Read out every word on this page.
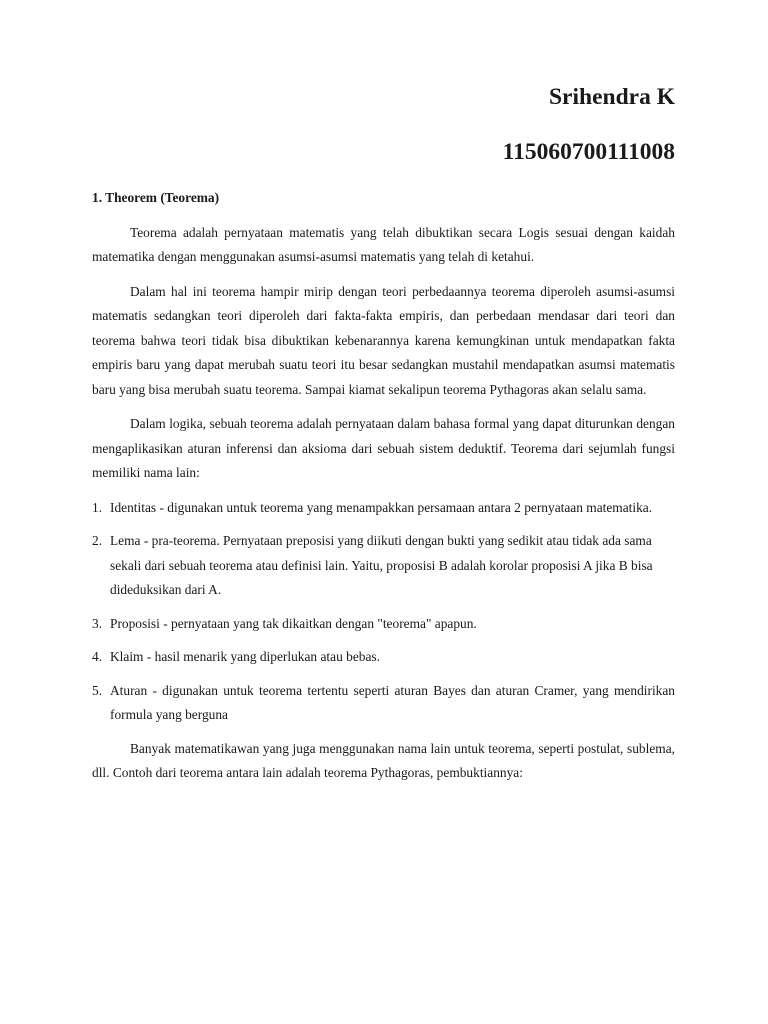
Srihendra K
115060700111008
1. Theorem (Teorema)

Teorema adalah pernyataan matematis yang telah dibuktikan secara Logis sesuai dengan kaidah matematika dengan menggunakan asumsi-asumsi matematis yang telah di ketahui.

Dalam hal ini teorema hampir mirip dengan teori perbedaannya teorema diperoleh asumsi-asumsi matematis sedangkan teori diperoleh dari fakta-fakta empiris, dan perbedaan mendasar dari teori dan teorema bahwa teori tidak bisa dibuktikan kebenarannya karena kemungkinan untuk mendapatkan fakta empiris baru yang dapat merubah suatu teori itu besar sedangkan mustahil mendapatkan asumsi matematis baru yang bisa merubah suatu teorema. Sampai kiamat sekalipun teorema Pythagoras akan selalu sama.

Dalam logika, sebuah teorema adalah pernyataan dalam bahasa formal yang dapat diturunkan dengan mengaplikasikan aturan inferensi dan aksioma dari sebuah sistem deduktif. Teorema dari sejumlah fungsi memiliki nama lain:

1. Identitas - digunakan untuk teorema yang menampakkan persamaan antara 2 pernyataan matematika.
2. Lema - pra-teorema. Pernyataan preposisi yang diikuti dengan bukti yang sedikit atau tidak ada sama sekali dari sebuah teorema atau definisi lain. Yaitu, proposisi B adalah korolar proposisi A jika B bisa dideduksikan dari A.
3. Proposisi - pernyataan yang tak dikaitkan dengan "teorema" apapun.
4. Klaim - hasil menarik yang diperlukan atau bebas.
5. Aturan - digunakan untuk teorema tertentu seperti aturan Bayes dan aturan Cramer, yang mendirikan formula yang berguna

Banyak matematikawan yang juga menggunakan nama lain untuk teorema, seperti postulat, sublema, dll. Contoh dari teorema antara lain adalah teorema Pythagoras, pembuktiannya:
